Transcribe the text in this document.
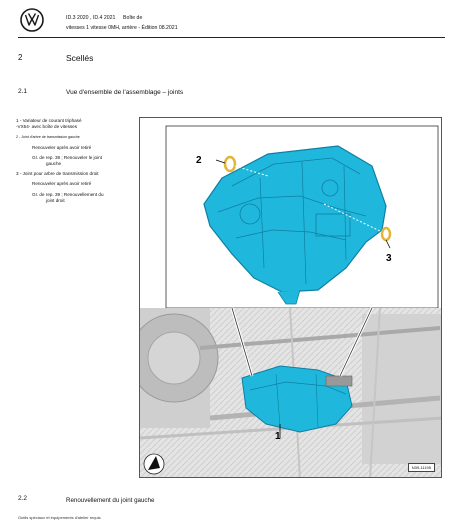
ID.3 2020 , ID.4 2021 Boîte de
vitesses 1 vitesse 0MH, arrière - Édition 08.2021
2	Scellés
2.1	Vue d'ensemble de l'assemblage – joints
1 - Variateur de courant triphasé
-VX54- avec boîte de vitesses
2 - Joint d'arbre de transmission gauche
Renouveler après avoir retiré
Gr. de rep. 39 ; Renouveler le joint
gauche
3 - Joint pour arbre de transmission droit
Renouveler après avoir retiré
Gr. de rep. 39 ; Renouvellement du
joint droit
2
3
1
N39-11195
2.2	Renouvellement du joint gauche
Outils spéciaux et équipements d'atelier requis
